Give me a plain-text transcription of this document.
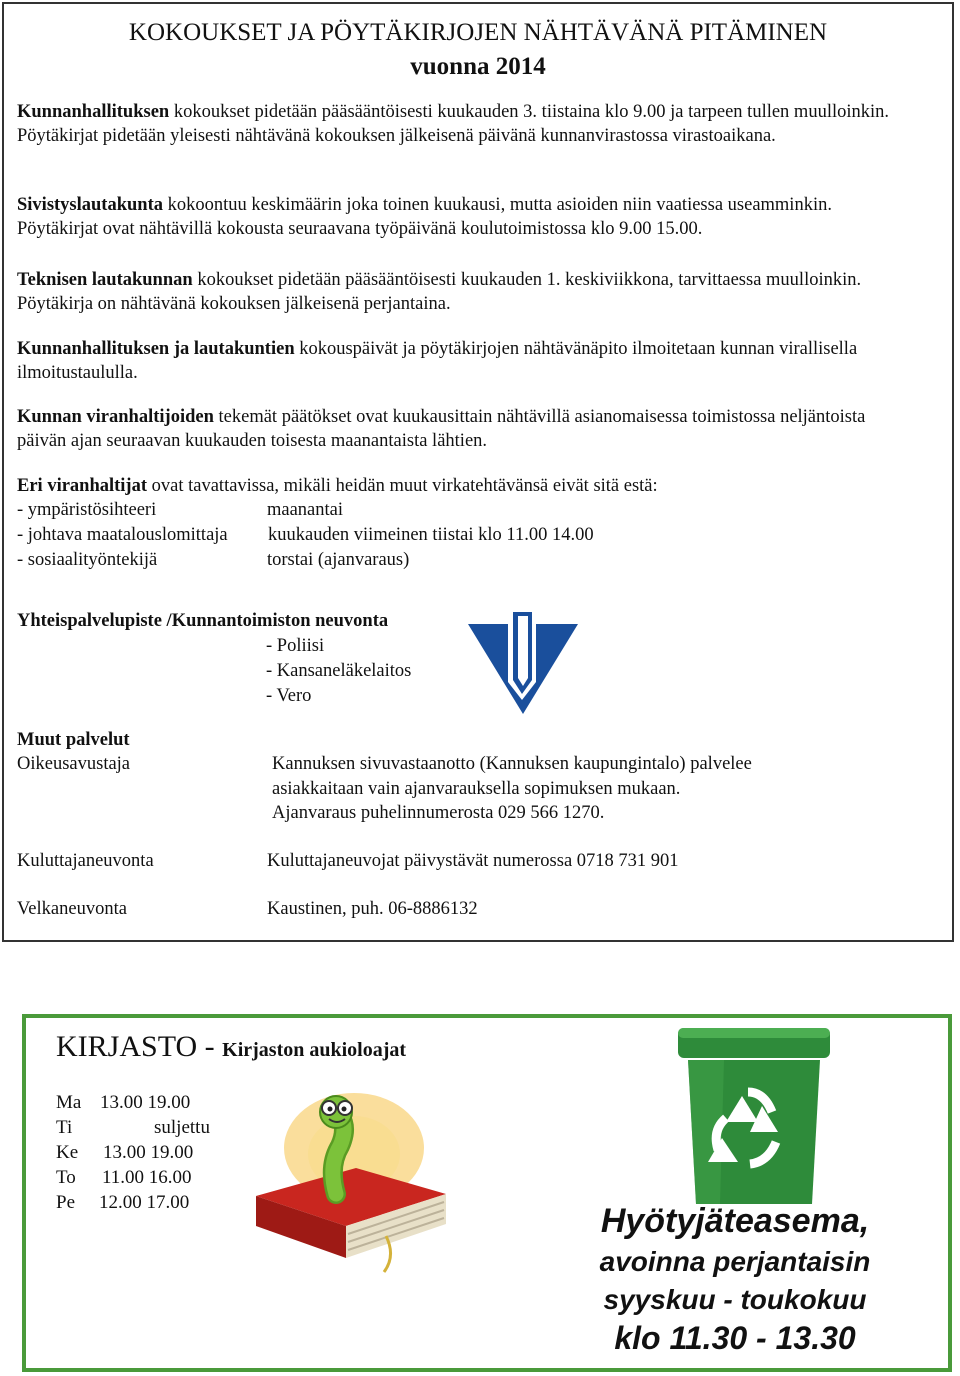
KOKOUKSET JA PÖYTÄKIRJOJEN NÄHTÄVÄNÄ PITÄMINEN
vuonna 2014
Kunnanhallituksen kokoukset pidetään pääsääntöisesti kuukauden 3. tiistaina klo 9.00 ja tarpeen tullen muulloinkin. Pöytäkirjat pidetään yleisesti nähtävänä kokouksen jälkeisenä päivänä kunnanvirastossa virastoaikana.
Sivistyslautakunta kokoontuu keskimäärin joka toinen kuukausi, mutta asioiden niin vaatiessa useamminkin. Pöytäkirjat ovat nähtävillä kokousta seuraavana työpäivänä koulutoimistossa klo 9.00 15.00.
Teknisen lautakunnan kokoukset pidetään pääsääntöisesti kuukauden 1. keskiviikkona, tarvittaessa muulloinkin. Pöytäkirja on nähtävänä kokouksen jälkeisenä perjantaina.
Kunnanhallituksen ja lautakuntien kokouspäivät ja pöytäkirjojen nähtävänäpito ilmoitetaan kunnan virallisella ilmoitustaululla.
Kunnan viranhaltijoiden tekemät päätökset ovat kuukausittain nähtävillä asianomaisessa toimistossa neljäntoista päivän ajan seuraavan kuukauden toisesta maanantaista lähtien.
Eri viranhaltijat ovat tavattavissa, mikäli heidän muut virkatehtävänsä eivät sitä estä:
- ympäristösihteeri	maanantai
- johtava maatalouslomittaja kuukauden viimeinen tiistai klo 11.00 14.00
- sosiaalityöntekijä	torstai (ajanvaraus)
Yhteispalvelupiste /Kunnantoimiston neuvonta
- Poliisi
- Kansaneläkelaitos
- Vero
Muut palvelut
Oikeusavustaja	Kannuksen sivuvastaanotto (Kannuksen kaupungintalo) palvelee
asiakkaitaan vain ajanvarauksella sopimuksen mukaan.
Ajanvaraus puhelinnumerosta 029 566 1270.
Kuluttajaneuvonta	Kuluttajaneuvojat päivystävät numerossa 0718 731 901
Velkaneuvonta	Kaustinen, puh. 06-8886132
KIRJASTO - Kirjaston aukioloajat
Ma 13.00 19.00
Ti	suljettu
Ke 13.00 19.00
To 11.00 16.00
Pe 12.00 17.00	Hyötyjäteasema,
avoinna perjantaisin
syyskuu - toukokuu
klo 11.30 - 13.30
